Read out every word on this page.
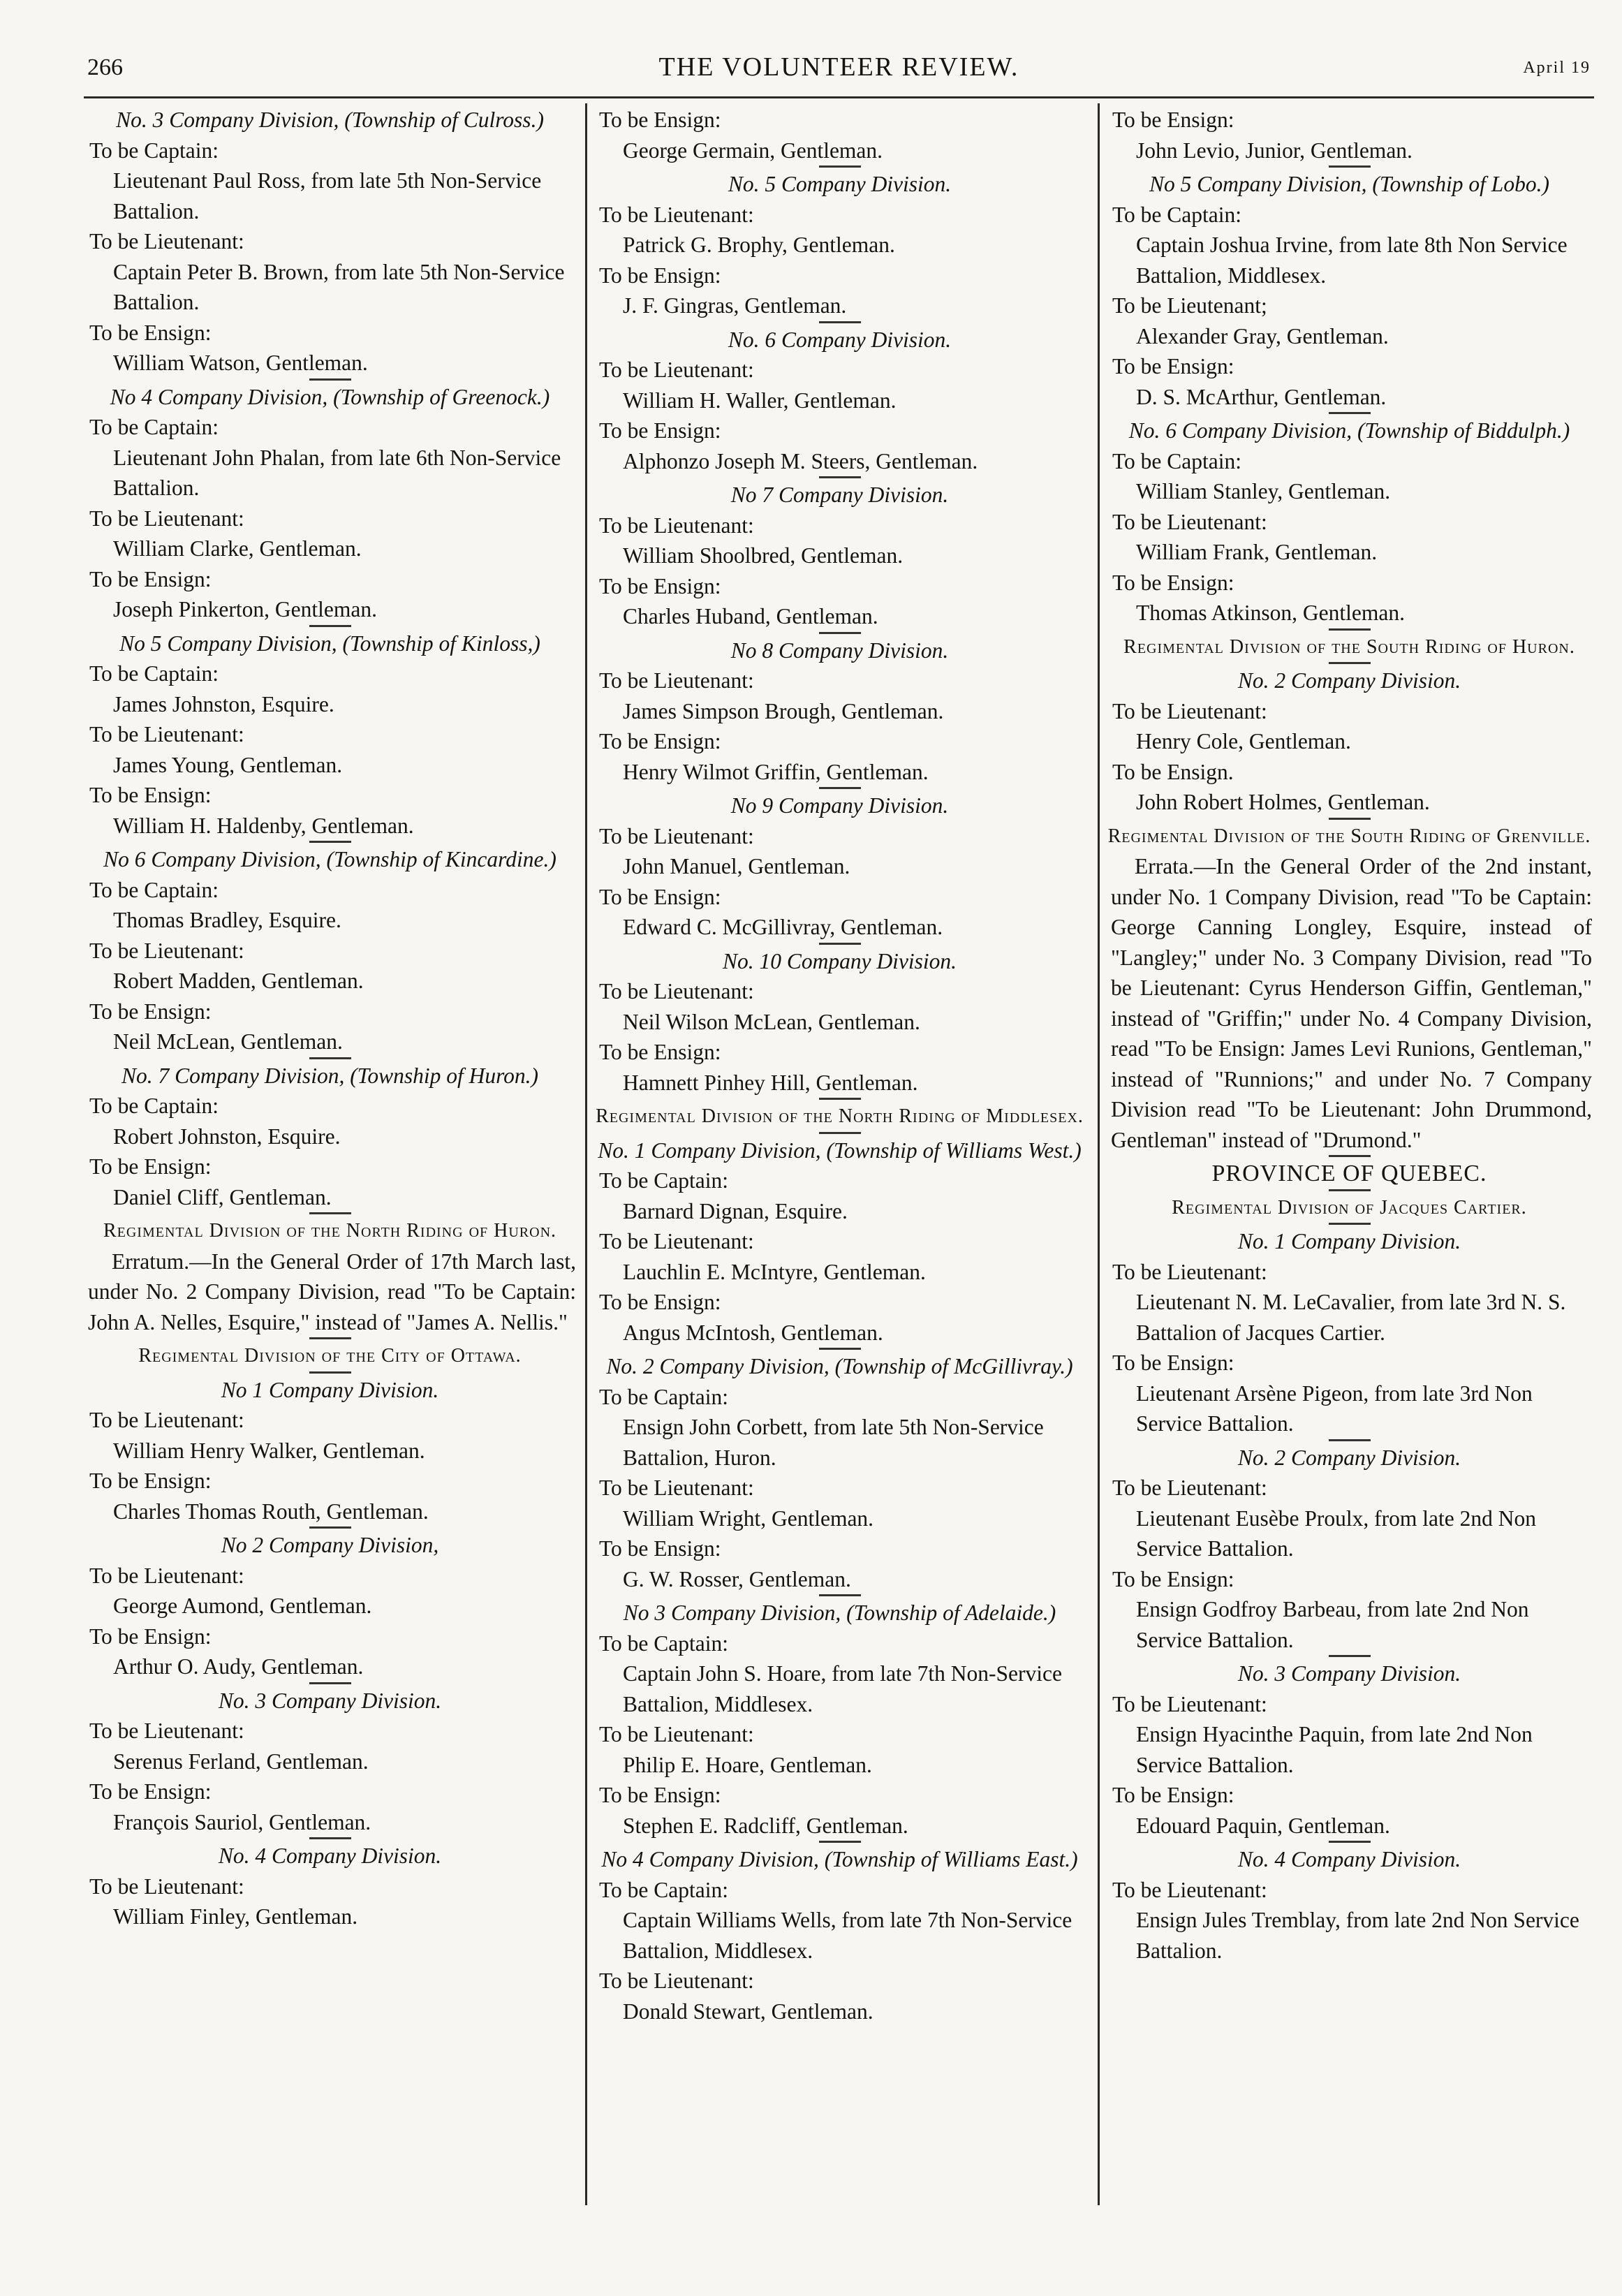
266	THE VOLUNTEER REVIEW.	April 19
No. 3 Company Division, (Township of Culross.)
To be Captain:
Lieutenant Paul Ross, from late 5th Non-Service Battalion.
To be Lieutenant:
Captain Peter B. Brown, from late 5th Non-Service Battalion.
To be Ensign:
William Watson, Gentleman.
No 4 Company Division, (Township of Greenock.)
To be Captain:
Lieutenant John Phalan, from late 6th Non-Service Battalion.
To be Lieutenant:
William Clarke, Gentleman.
To be Ensign:
Joseph Pinkerton, Gentleman.
No 5 Company Division, (Township of Kinloss,)
To be Captain:
James Johnston, Esquire.
To be Lieutenant:
James Young, Gentleman.
To be Ensign:
William H. Haldenby, Gentleman.
No 6 Company Division, (Township of Kincardine.)
To be Captain:
Thomas Bradley, Esquire.
To be Lieutenant:
Robert Madden, Gentleman.
To be Ensign:
Neil McLean, Gentleman.
No. 7 Company Division, (Township of Huron.)
To be Captain:
Robert Johnston, Esquire.
To be Ensign:
Daniel Cliff, Gentleman.
Regimental Division of the North Riding of Huron.
Erratum.—In the General Order of 17th March last, under No. 2 Company Division, read "To be Captain: John A. Nelles, Esquire," instead of "James A. Nellis."
Regimental Division of the City of Ottawa.
No 1 Company Division.
To be Lieutenant:
William Henry Walker, Gentleman.
To be Ensign:
Charles Thomas Routh, Gentleman.
No 2 Company Division,
To be Lieutenant:
George Aumond, Gentleman.
To be Ensign:
Arthur O. Audy, Gentleman.
No. 3 Company Division.
To be Lieutenant:
Serenus Ferland, Gentleman.
To be Ensign:
François Sauriol, Gentleman.
No. 4 Company Division.
To be Lieutenant:
William Finley, Gentleman.
To be Ensign:
George Germain, Gentleman.
No. 5 Company Division.
To be Lieutenant:
Patrick G. Brophy, Gentleman.
To be Ensign:
J. F. Gingras, Gentleman.
No. 6 Company Division.
To be Lieutenant:
William H. Waller, Gentleman.
To be Ensign:
Alphonzo Joseph M. Steers, Gentleman.
No 7 Company Division.
To be Lieutenant:
William Shoolbred, Gentleman.
To be Ensign:
Charles Huband, Gentleman.
No 8 Company Division.
To be Lieutenant:
James Simpson Brough, Gentleman.
To be Ensign:
Henry Wilmot Griffin, Gentleman.
No 9 Company Division.
To be Lieutenant:
John Manuel, Gentleman.
To be Ensign:
Edward C. McGillivray, Gentleman.
No. 10 Company Division.
To be Lieutenant:
Neil Wilson McLean, Gentleman.
To be Ensign:
Hamnett Pinhey Hill, Gentleman.
Regimental Division of the North Riding of Middlesex.
No. 1 Company Division, (Township of Williams West.)
To be Captain:
Barnard Dignan, Esquire.
To be Lieutenant:
Lauchlin E. McIntyre, Gentleman.
To be Ensign:
Angus McIntosh, Gentleman.
No. 2 Company Division, (Township of McGillivray.)
To be Captain:
Ensign John Corbett, from late 5th Non-Service Battalion, Huron.
To be Lieutenant:
William Wright, Gentleman.
To be Ensign:
G. W. Rosser, Gentleman.
No 3 Company Division, (Township of Adelaide.)
To be Captain:
Captain John S. Hoare, from late 7th Non-Service Battalion, Middlesex.
To be Lieutenant:
Philip E. Hoare, Gentleman.
To be Ensign:
Stephen E. Radcliff, Gentleman.
No 4 Company Division, (Township of Williams East.)
To be Captain:
Captain Williams Wells, from late 7th Non-Service Battalion, Middlesex.
To be Lieutenant:
Donald Stewart, Gentleman.
To be Ensign:
John Levio, Junior, Gentleman.
No 5 Company Division, (Township of Lobo.)
To be Captain:
Captain Joshua Irvine, from late 8th Non Service Battalion, Middlesex.
To be Lieutenant;
Alexander Gray, Gentleman.
To be Ensign:
D. S. McArthur, Gentleman.
No. 6 Company Division, (Township of Biddulph.)
To be Captain:
William Stanley, Gentleman.
To be Lieutenant:
William Frank, Gentleman.
To be Ensign:
Thomas Atkinson, Gentleman.
Regimental Division of the South Riding of Huron.
No. 2 Company Division.
To be Lieutenant:
Henry Cole, Gentleman.
To be Ensign.
John Robert Holmes, Gentleman.
Regimental Division of the South Riding of Grenville.
Errata.—In the General Order of the 2nd instant, under No. 1 Company Division, read "To be Captain: George Canning Longley, Esquire, instead of "Langley;" under No. 3 Company Division, read "To be Lieutenant: Cyrus Henderson Giffin, Gentleman," instead of "Griffin;" under No. 4 Company Division, read "To be Ensign: James Levi Runions, Gentleman," instead of "Runnions;" and under No. 7 Company Division read "To be Lieutenant: John Drummond, Gentleman" instead of "Drumond."
PROVINCE OF QUEBEC.
Regimental Division of Jacques Cartier.
No. 1 Company Division.
To be Lieutenant:
Lieutenant N. M. LeCavalier, from late 3rd N. S. Battalion of Jacques Cartier.
To be Ensign:
Lieutenant Arsène Pigeon, from late 3rd Non Service Battalion.
No. 2 Company Division.
To be Lieutenant:
Lieutenant Eusèbe Proulx, from late 2nd Non Service Battalion.
To be Ensign:
Ensign Godfroy Barbeau, from late 2nd Non Service Battalion.
No. 3 Company Division.
To be Lieutenant:
Ensign Hyacinthe Paquin, from late 2nd Non Service Battalion.
To be Ensign:
Edouard Paquin, Gentleman.
No. 4 Company Division.
To be Lieutenant:
Ensign Jules Tremblay, from late 2nd Non Service Battalion.
